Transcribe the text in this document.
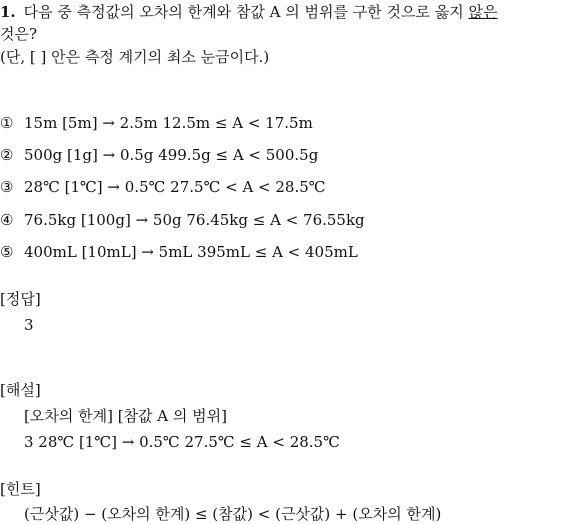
1. 다음 중 측정값의 오차의 한계와 참값 A 의 범위를 구한 것으로 옳지 않은
것은?
(단, [ ] 안은 측정 계기의 최소 눈금이다.)
① 15m [5m] → 2.5m 12.5m ≤ A < 17.5m
② 500g [1g] → 0.5g 499.5g ≤ A < 500.5g
③ 28℃ [1℃] → 0.5℃ 27.5℃ < A < 28.5℃
④ 76.5kg [100g] → 50g 76.45kg ≤ A < 76.55kg
⑤ 400mL [10mL] → 5mL 395mL ≤ A < 405mL
[정답]
3
[해설]
[오차의 한계] [참값 A 의 범위]
3 28℃ [1℃] → 0.5℃ 27.5℃ ≤ A < 28.5℃
[힌트]
(근삿값) − (오차의 한계) ≤ (참값) < (근삿값) + (오차의 한계)
